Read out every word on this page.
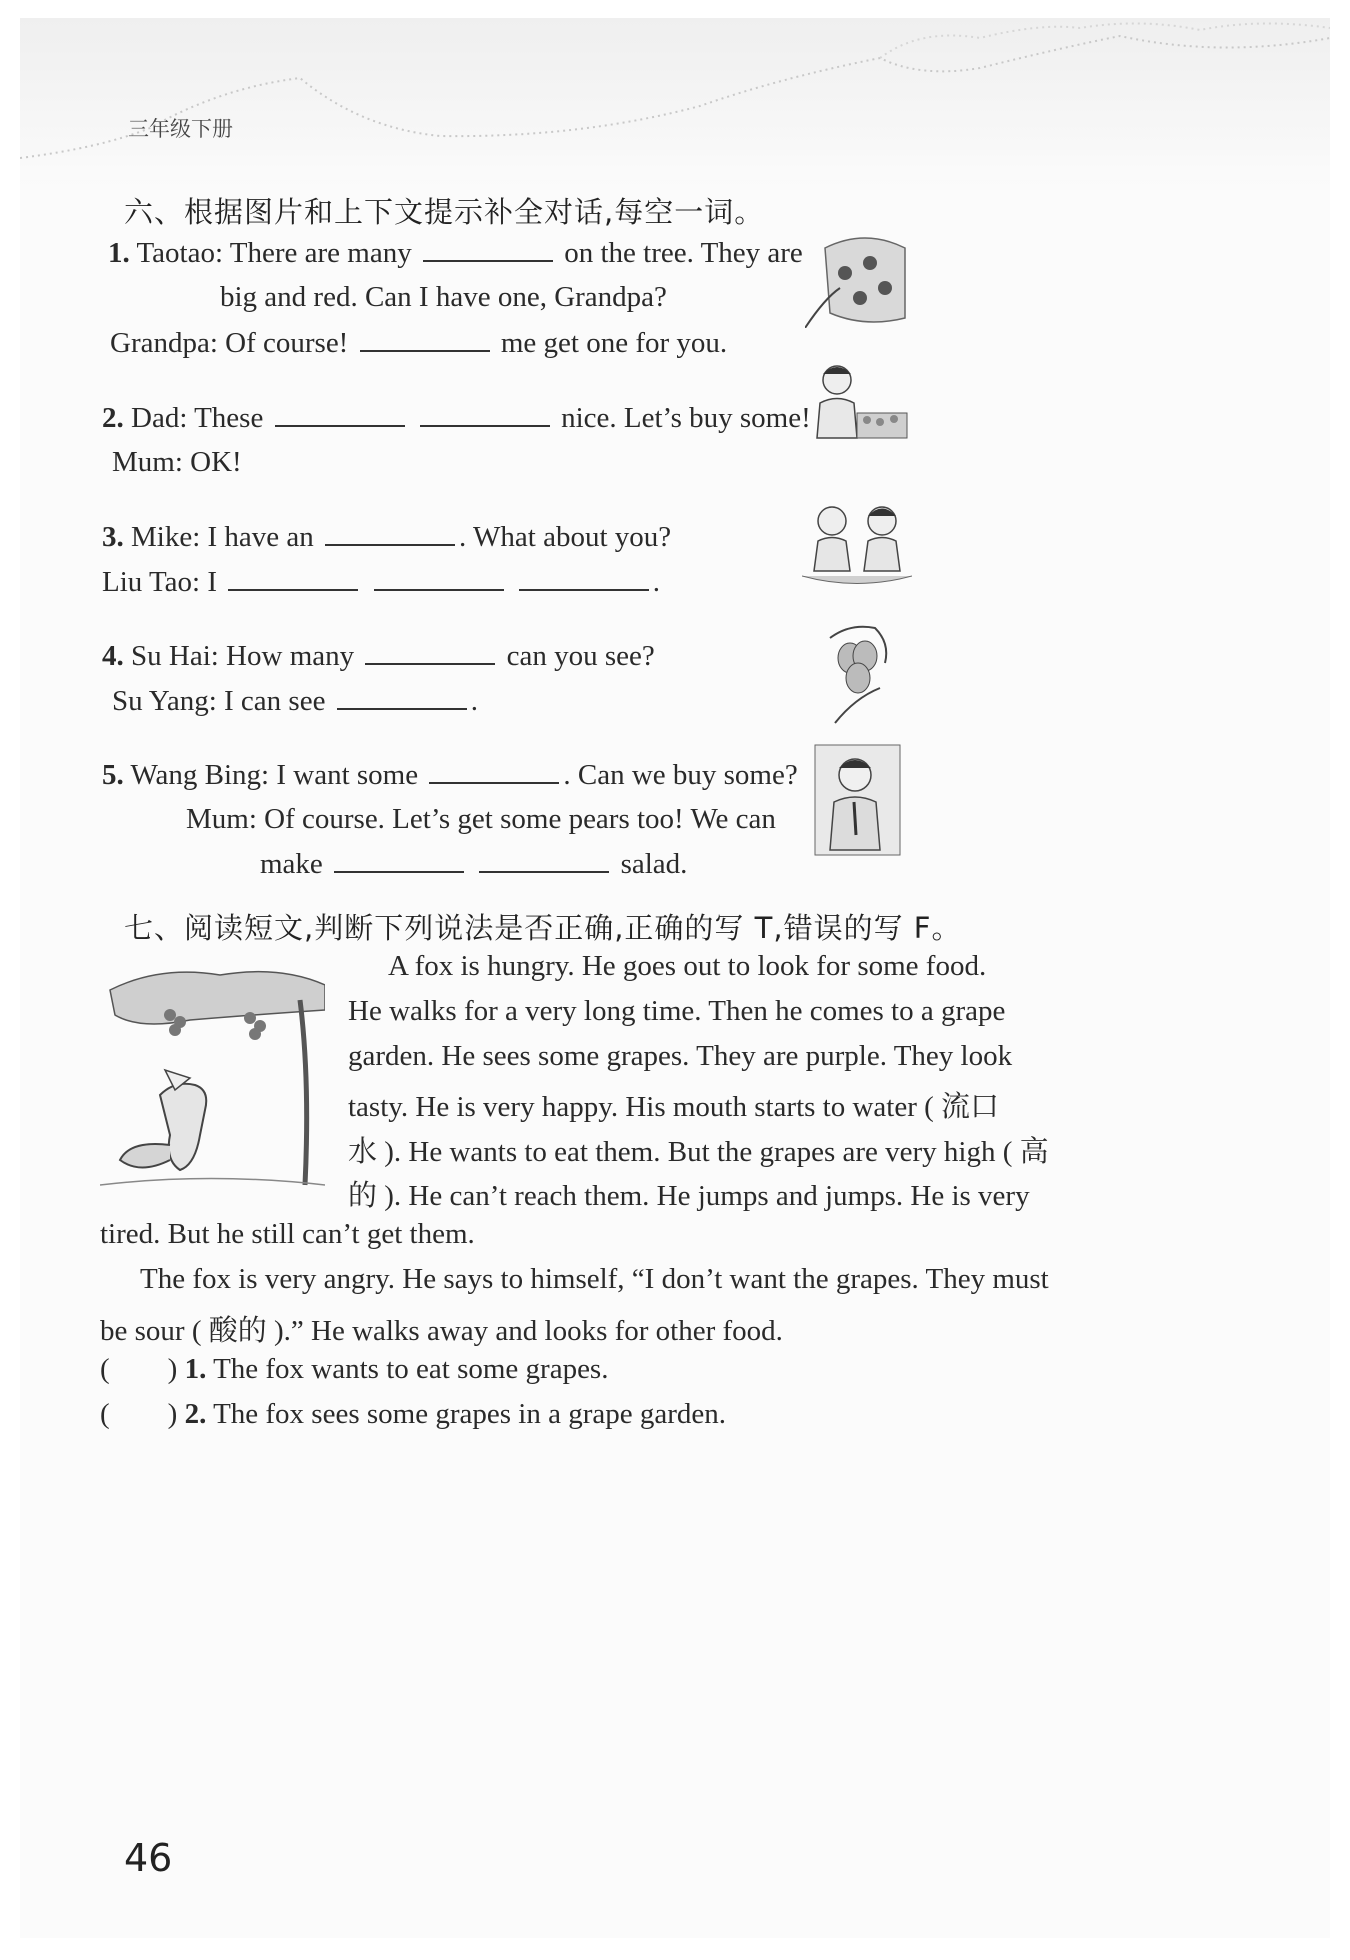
三年级下册
六、根据图片和上下文提示补全对话,每空一词。
1. Taotao: There are many	on the tree. They are
big and red. Can I have one, Grandpa?
Grandpa: Of course!	me get one for you.
2. Dad: These	nice. Let’s buy some!
Mum: OK!
3. Mike: I have an	. What about you?
Liu Tao: I	.
4. Su Hai: How many	can you see?
Su Yang: I can see	.
5. Wang Bing: I want some	. Can we buy some?
Mum: Of course. Let’s get some pears too! We can
make	salad.
七、阅读短文,判断下列说法是否正确,正确的写 T,错误的写 F。
A fox is hungry. He goes out to look for some food.
He walks for a very long time. Then he comes to a grape
garden. He sees some grapes. They are purple. They look
tasty. He is very happy. His mouth starts to water ( 流口
水 ). He wants to eat them. But the grapes are very high ( 高
的 ). He can’t reach them. He jumps and jumps. He is very
tired. But he still can’t get them.
The fox is very angry. He says to himself, “I don’t want the grapes. They must
be sour ( 酸的 ).” He walks away and looks for other food.
(        ) 1. The fox wants to eat some grapes.
(        ) 2. The fox sees some grapes in a grape garden.
46
